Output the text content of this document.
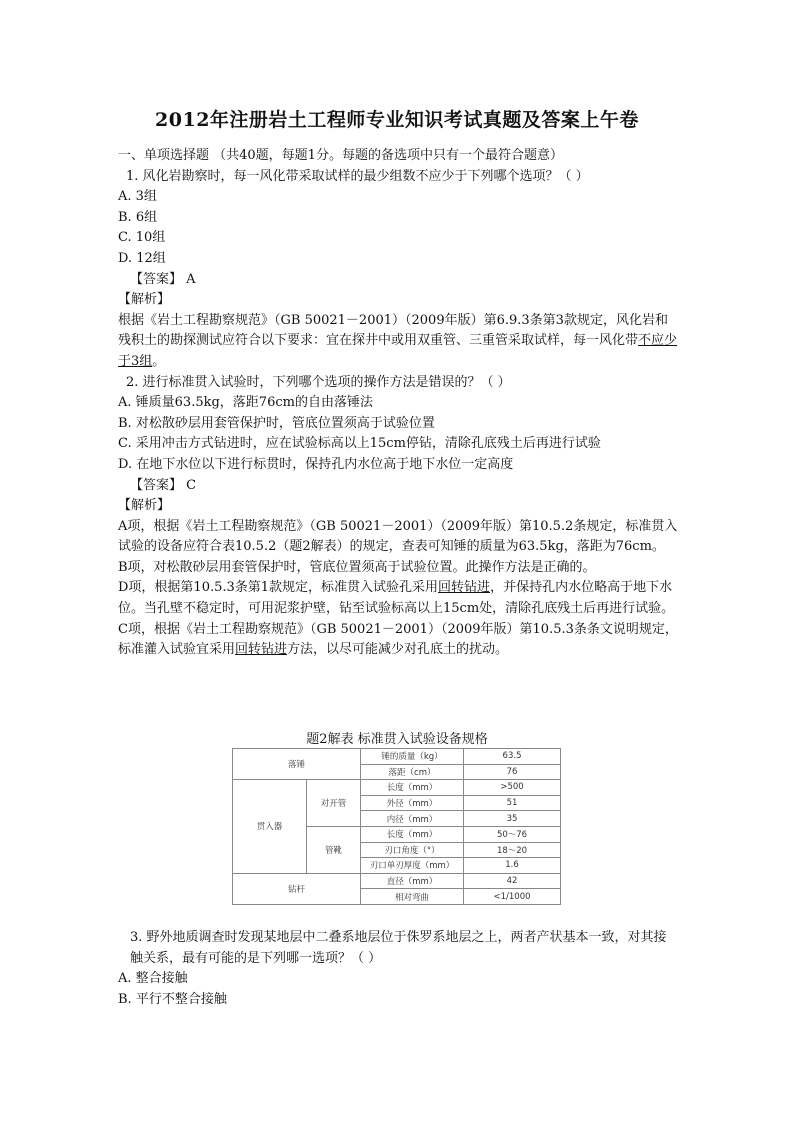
2012年注册岩土工程师专业知识考试真题及答案上午卷

一、单项选择题 （共40题，每题1分。每题的备选项中只有一个最符合题意）

1. 风化岩勘察时，每一风化带采取试样的最少组数不应少于下列哪个选项？（ ）

A. 3组

B. 6组

C. 10组

D. 12组

【答案】 A

【解析】

根据《岩土工程勘察规范》（GB 50021－2001）（2009年版）第6.9.3条第3款规定，风化岩和残积土的勘探测试应符合以下要求：宜在探井中或用双重管、三重管采取试样，每一风化带不应少于3组。

2. 进行标准贯入试验时，下列哪个选项的操作方法是错误的？（ ）

A. 锤质量63.5kg，落距76cm的自由落锤法

B. 对松散砂层用套管保护时，管底位置须高于试验位置

C. 采用冲击方式钻进时，应在试验标高以上15cm停钻，清除孔底残土后再进行试验

D. 在地下水位以下进行标贯时，保持孔内水位高于地下水位一定高度

【答案】 C

【解析】

A项，根据《岩土工程勘察规范》（GB 50021－2001）（2009年版）第10.5.2条规定，标准贯入试验的设备应符合表10.5.2（题2解表）的规定，查表可知锤的质量为63.5kg，落距为76cm。

B项，对松散砂层用套管保护时，管底位置须高于试验位置。此操作方法是正确的。

D项，根据第10.5.3条第1款规定，标准贯入试验孔采用回转钻进，并保持孔内水位略高于地下水位。当孔壁不稳定时，可用泥浆护壁，钻至试验标高以上15cm处，清除孔底残土后再进行试验。

C项，根据《岩土工程勘察规范》（GB 50021－2001）（2009年版）第10.5.3条条文说明规定，标准灌入试验宜采用回转钻进方法，以尽可能减少对孔底土的扰动。

题2解表 标准贯入试验设备规格

落锤		锤的质量（kg）	63.5
		落距（cm）	76
贯入器	对开管	长度（mm）	>500
		外径（mm）	51
		内径（mm）	35
	管靴	长度（mm）	50～76
		刃口角度（°）	18～20
		刃口单刃厚度（mm）	1.6
钻杆		直径（mm）	42
		相对弯曲	<1/1000

3. 野外地质调查时发现某地层中二叠系地层位于侏罗系地层之上，两者产状基本一致，对其接触关系，最有可能的是下列哪一选项？（ ）

A. 整合接触

B. 平行不整合接触
